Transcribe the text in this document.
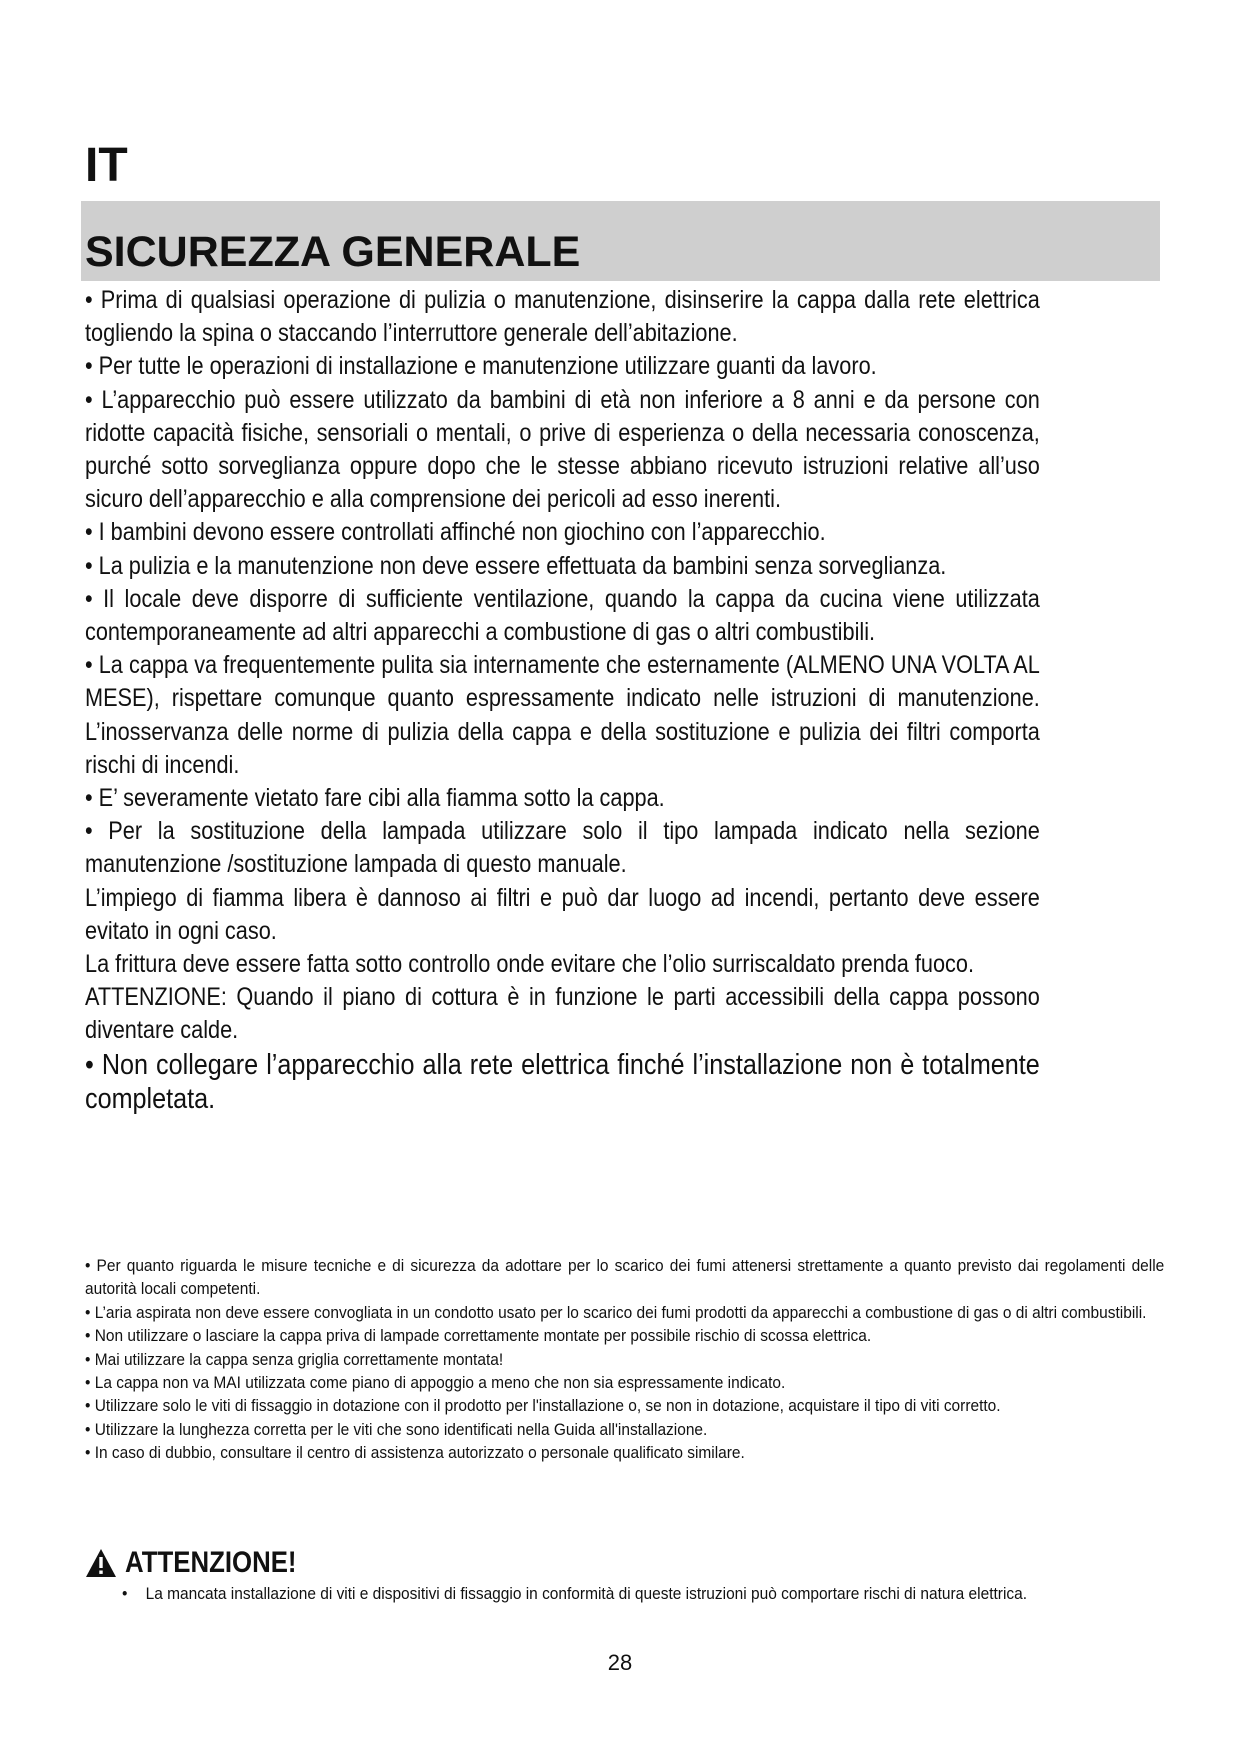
IT
SICUREZZA GENERALE

• Prima di qualsiasi operazione di pulizia o manutenzione, disinserire la cappa dalla rete elettrica togliendo la spina o staccando l’interruttore generale dell’abitazione.

• Per tutte le operazioni di installazione e manutenzione utilizzare guanti da lavoro.

• L’apparecchio può essere utilizzato da bambini di età non inferiore a 8 anni e da persone con ridotte capacità fisiche, sensoriali o mentali, o prive di esperienza o della necessaria conoscenza, purché sotto sorveglianza oppure dopo che le stesse abbiano ricevuto istruzioni relative all’uso sicuro dell’apparecchio e alla comprensione dei pericoli ad esso inerenti.

• I bambini devono essere controllati affinché non giochino con l’apparecchio.

• La pulizia e la manutenzione non deve essere effettuata da bambini senza sorveglianza.

• Il locale deve disporre di sufficiente ventilazione, quando la cappa da cucina viene utilizzata contemporaneamente ad altri apparecchi a combustione di gas o altri combustibili.

• La cappa va frequentemente pulita sia internamente che esternamente (ALMENO UNA VOLTA AL MESE), rispettare comunque quanto espressamente indicato nelle istruzioni di manutenzione. L’inosservanza delle norme di pulizia della cappa e della sostituzione e pulizia dei filtri comporta rischi di incendi.

• E’ severamente vietato fare cibi alla fiamma sotto la cappa.

• Per la sostituzione della lampada utilizzare solo il tipo lampada indicato nella sezione manutenzione /sostituzione lampada di questo manuale.

L’impiego di fiamma libera è dannoso ai filtri e può dar luogo ad incendi, pertanto deve essere evitato in ogni caso.

La frittura deve essere fatta sotto controllo onde evitare che l’olio surriscaldato prenda fuoco.

ATTENZIONE: Quando il piano di cottura è in funzione le parti accessibili della cappa possono diventare calde.

• Non collegare l’apparecchio alla rete elettrica finché l’installazione non è totalmente completata.

• Per quanto riguarda le misure tecniche e di sicurezza da adottare per lo scarico dei fumi attenersi strettamente a quanto previsto dai regolamenti delle autorità locali competenti.

• L’aria aspirata non deve essere convogliata in un condotto usato per lo scarico dei fumi prodotti da apparecchi a combustione di gas o di altri combustibili.

• Non utilizzare o lasciare la cappa priva di lampade correttamente montate per possibile rischio di scossa elettrica.

• Mai utilizzare la cappa senza griglia correttamente montata!

• La cappa non va MAI utilizzata come piano di appoggio a meno che non sia espressamente indicato.

• Utilizzare solo le viti di fissaggio in dotazione con il prodotto per l'installazione o, se non in dotazione, acquistare il tipo di viti corretto.

• Utilizzare la lunghezza corretta per le viti che sono identificati nella Guida all'installazione.

• In caso di dubbio, consultare il centro di assistenza autorizzato o personale qualificato similare.

ATTENZIONE!
• La mancata installazione di viti e dispositivi di fissaggio in conformità di queste istruzioni può comportare rischi di natura elettrica.
28
